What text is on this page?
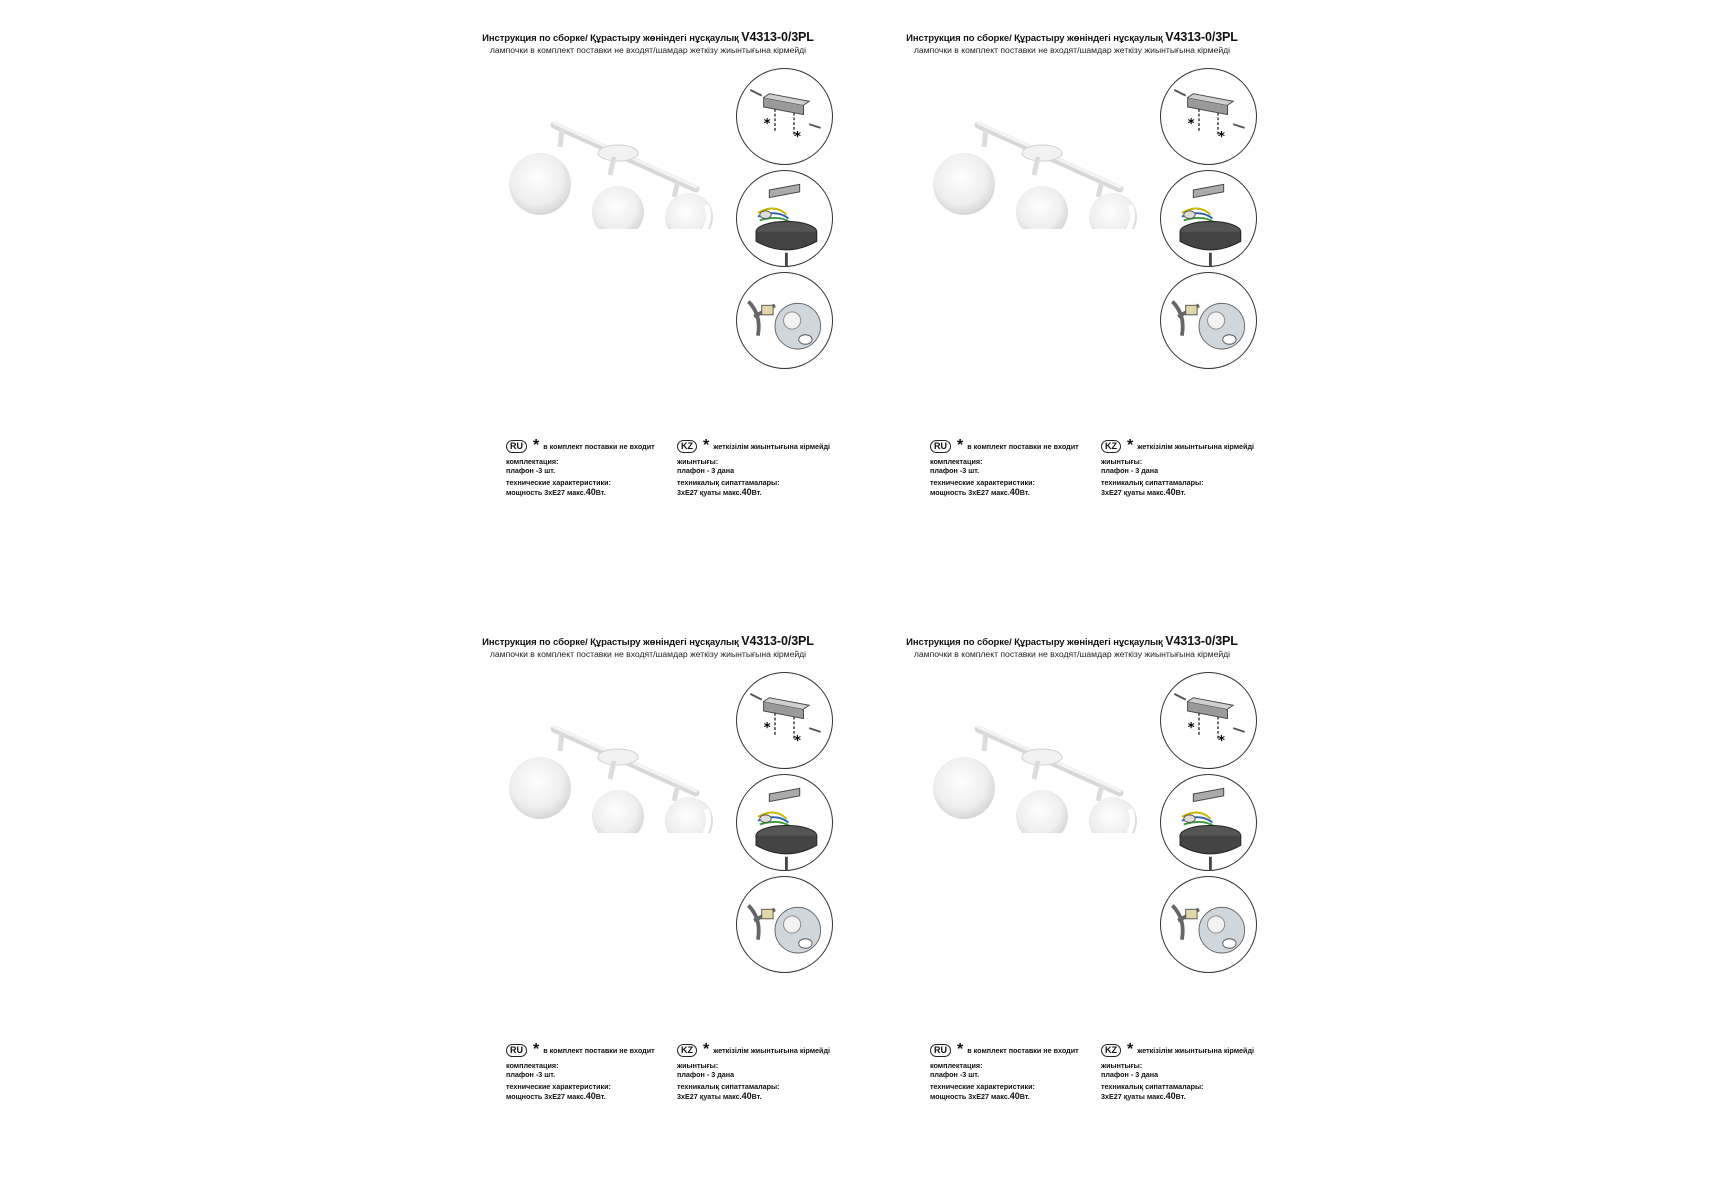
Инструкция по сборке/ Құрастыру жөніндегі нұсқаулық V4313-0/3PL
лампочки в комплект поставки не входят/шамдар жеткізу жиынтығына кірмейді
*
*
RU * в комплект поставки не входит
комплектация:
плафон -3 шт.
технические характеристики:
мощность 3хЕ27 макс.40Вт.
KZ * жеткізілім жиынтығына кірмейді
жиынтығы:
плафон - 3 дана
техникалық сипаттамалары:
3хЕ27 қуаты макс.40Вт.
Инструкция по сборке/ Құрастыру жөніндегі нұсқаулық V4313-0/3PL
лампочки в комплект поставки не входят/шамдар жеткізу жиынтығына кірмейді
*
*
RU * в комплект поставки не входит
комплектация:
плафон -3 шт.
технические характеристики:
мощность 3хЕ27 макс.40Вт.
KZ * жеткізілім жиынтығына кірмейді
жиынтығы:
плафон - 3 дана
техникалық сипаттамалары:
3хЕ27 қуаты макс.40Вт.
Инструкция по сборке/ Құрастыру жөніндегі нұсқаулық V4313-0/3PL
лампочки в комплект поставки не входят/шамдар жеткізу жиынтығына кірмейді
*
*
RU * в комплект поставки не входит
комплектация:
плафон -3 шт.
технические характеристики:
мощность 3хЕ27 макс.40Вт.
KZ * жеткізілім жиынтығына кірмейді
жиынтығы:
плафон - 3 дана
техникалық сипаттамалары:
3хЕ27 қуаты макс.40Вт.
Инструкция по сборке/ Құрастыру жөніндегі нұсқаулық V4313-0/3PL
лампочки в комплект поставки не входят/шамдар жеткізу жиынтығына кірмейді
*
*
RU * в комплект поставки не входит
комплектация:
плафон -3 шт.
технические характеристики:
мощность 3хЕ27 макс.40Вт.
KZ * жеткізілім жиынтығына кірмейді
жиынтығы:
плафон - 3 дана
техникалық сипаттамалары:
3хЕ27 қуаты макс.40Вт.
